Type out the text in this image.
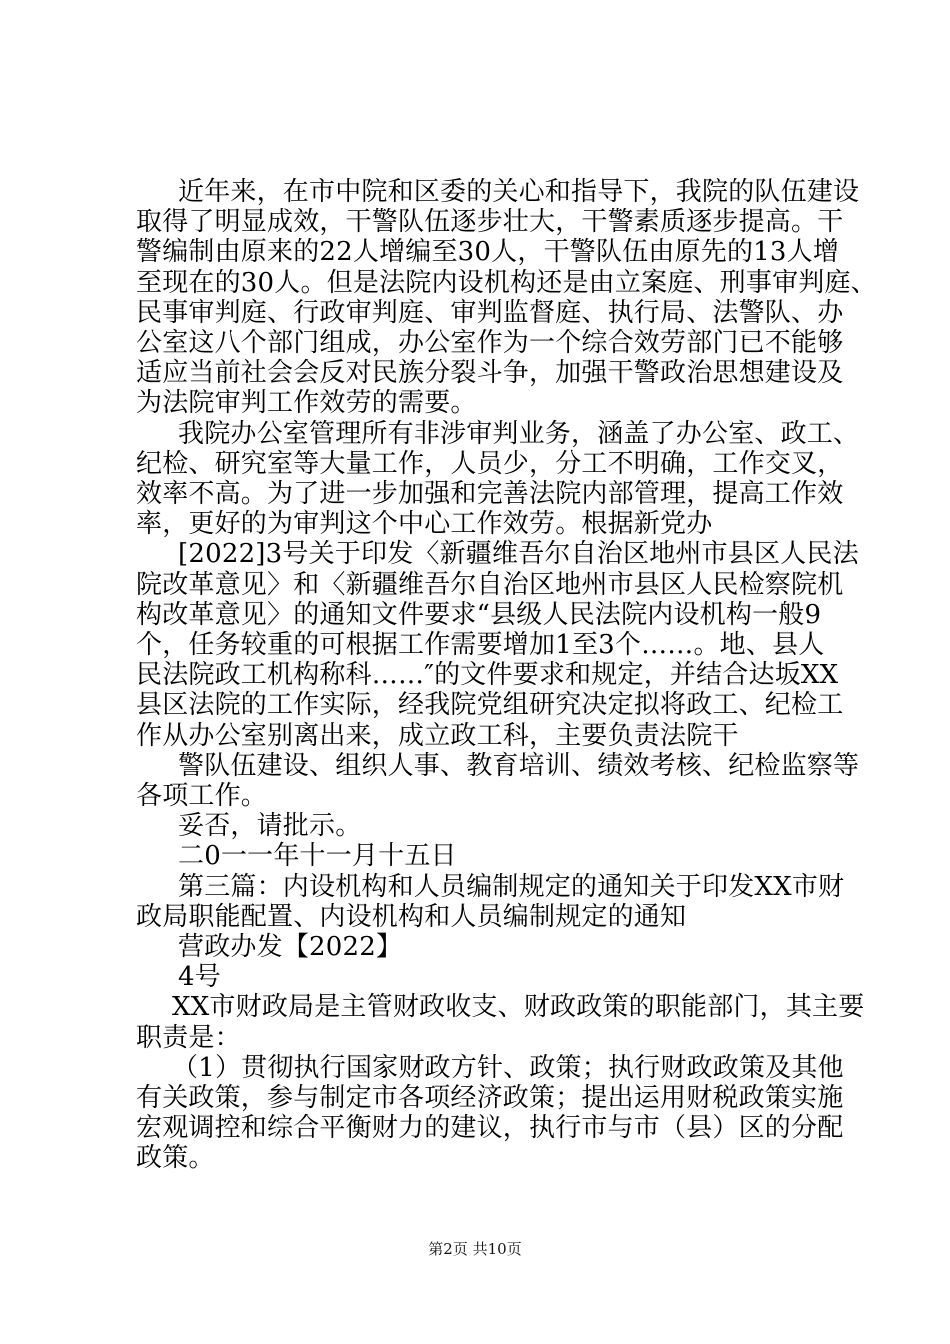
近年来，在市中院和区委的关心和指导下，我院的队伍建设
取得了明显成效，干警队伍逐步壮大，干警素质逐步提高。干
警编制由原来的22人增编至30人，干警队伍由原先的13人增
至现在的30人。但是法院内设机构还是由立案庭、刑事审判庭、
民事审判庭、行政审判庭、审判监督庭、执行局、法警队、办
公室这八个部门组成，办公室作为一个综合效劳部门已不能够
适应当前社会会反对民族分裂斗争，加强干警政治思想建设及
为法院审判工作效劳的需要。
我院办公室管理所有非涉审判业务，涵盖了办公室、政工、
纪检、研究室等大量工作，人员少，分工不明确，工作交叉，
效率不高。为了进一步加强和完善法院内部管理，提高工作效
率，更好的为审判这个中心工作效劳。根据新党办
[2022]3号关于印发〈新疆维吾尔自治区地州市县区人民法
院改革意见〉和〈新疆维吾尔自治区地州市县区人民检察院机
构改革意见〉的通知文件要求“县级人民法院内设机构一般9
个，任务较重的可根据工作需要增加1至3个……。地、县人
民法院政工机构称科……″的文件要求和规定，并结合达坂XX
县区法院的工作实际，经我院党组研究决定拟将政工、纪检工
作从办公室别离出来，成立政工科，主要负责法院干
警队伍建设、组织人事、教育培训、绩效考核、纪检监察等
各项工作。
妥否，请批示。
二0一一年十一月十五日
第三篇：内设机构和人员编制规定的通知关于印发XX市财
政局职能配置、内设机构和人员编制规定的通知
营政办发【2022】
4号
XX市财政局是主管财政收支、财政政策的职能部门，其主要
职责是：
（1）贯彻执行国家财政方针、政策；执行财政政策及其他
有关政策，参与制定市各项经济政策；提出运用财税政策实施
宏观调控和综合平衡财力的建议，执行市与市（县）区的分配
政策。
第2页 共10页
